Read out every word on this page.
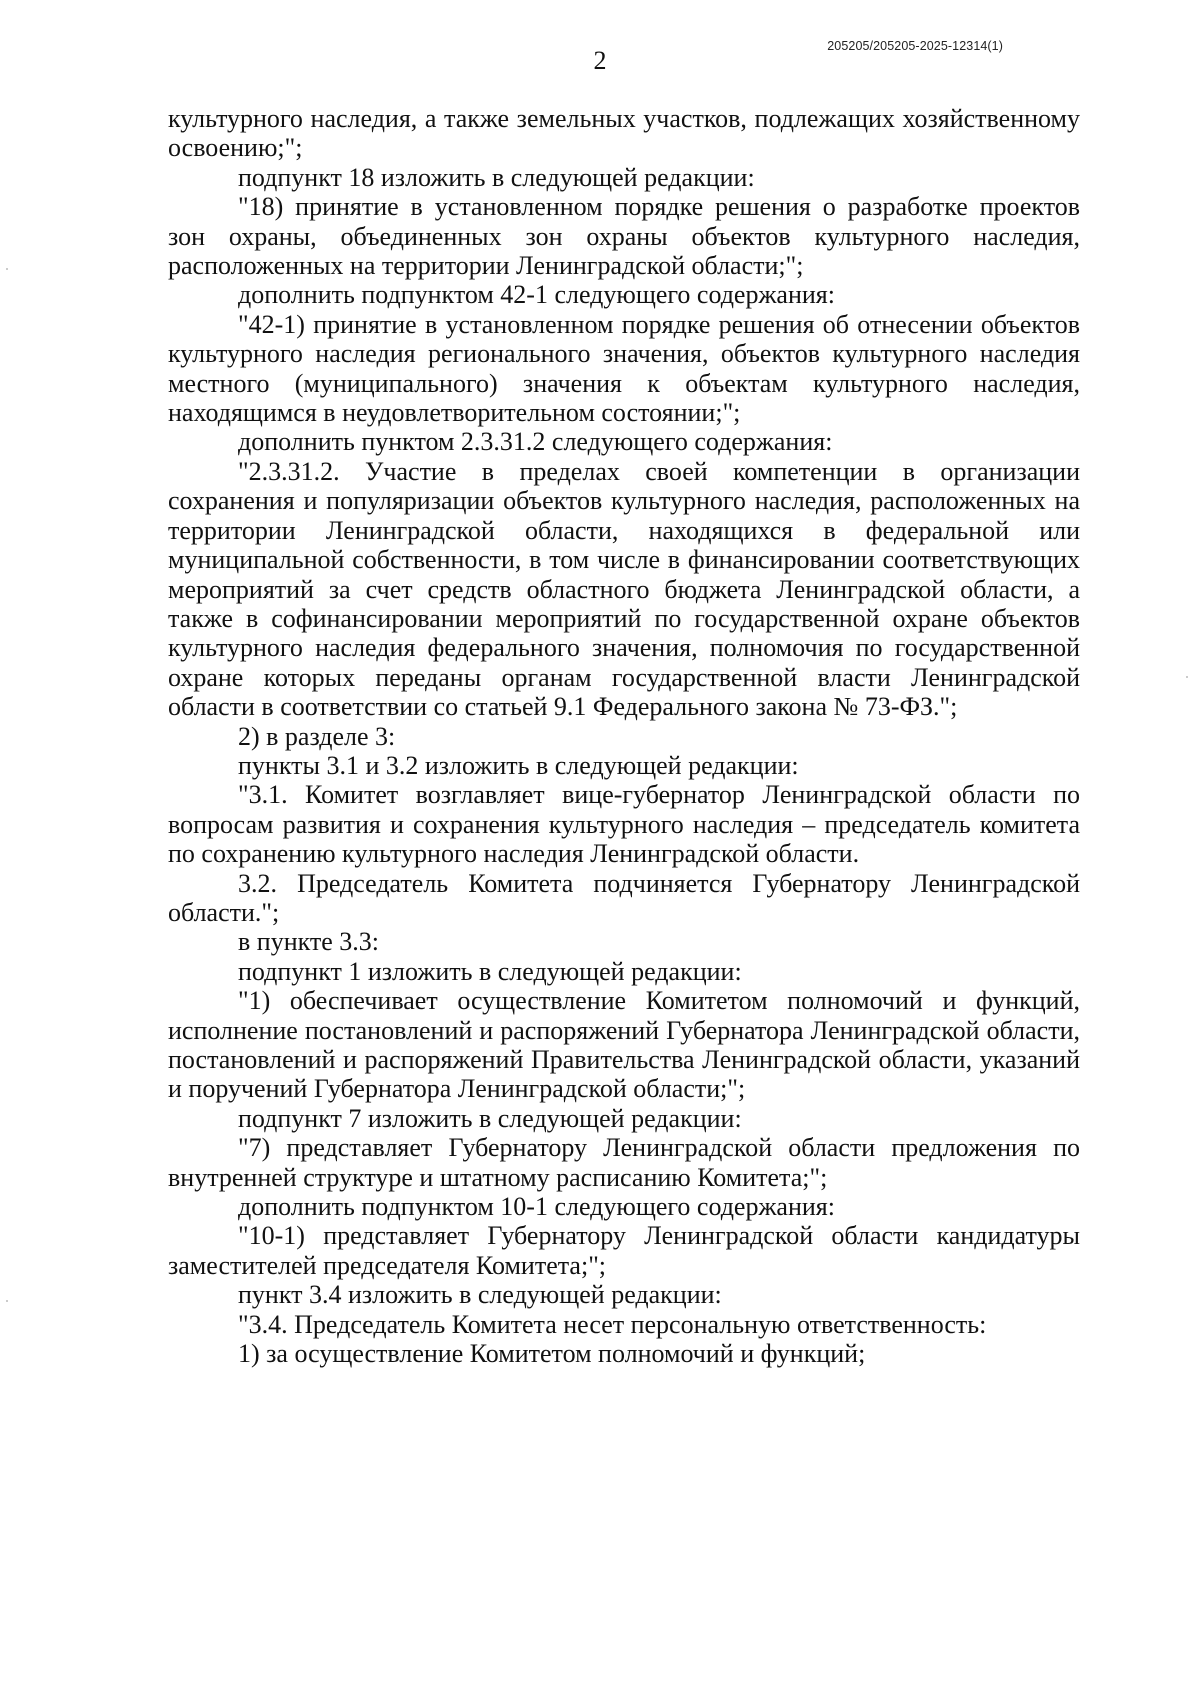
205205/205205-2025-12314(1)
2

культурного наследия, а также земельных участков, подлежащих хозяйственному освоению;";

подпункт 18 изложить в следующей редакции:

"18) принятие в установленном порядке решения о разработке проектов зон охраны, объединенных зон охраны объектов культурного наследия, расположенных на территории Ленинградской области;";

дополнить подпунктом 42-1 следующего содержания:

"42-1) принятие в установленном порядке решения об отнесении объектов культурного наследия регионального значения, объектов культурного наследия местного (муниципального) значения к объектам культурного наследия, находящимся в неудовлетворительном состоянии;";

дополнить пунктом 2.3.31.2 следующего содержания:

"2.3.31.2. Участие в пределах своей компетенции в организации сохранения и популяризации объектов культурного наследия, расположенных на территории Ленинградской области, находящихся в федеральной или муниципальной собственности, в том числе в финансировании соответствующих мероприятий за счет средств областного бюджета Ленинградской области, а также в софинансировании мероприятий по государственной охране объектов культурного наследия федерального значения, полномочия по государственной охране которых переданы органам государственной власти Ленинградской области в соответствии со статьей 9.1 Федерального закона № 73-ФЗ.";

2) в разделе 3:

пункты 3.1 и 3.2 изложить в следующей редакции:

"3.1. Комитет возглавляет вице-губернатор Ленинградской области по вопросам развития и сохранения культурного наследия – председатель комитета по сохранению культурного наследия Ленинградской области.

3.2. Председатель Комитета подчиняется Губернатору Ленинградской области.";

в пункте 3.3:

подпункт 1 изложить в следующей редакции:

"1) обеспечивает осуществление Комитетом полномочий и функций, исполнение постановлений и распоряжений Губернатора Ленинградской области, постановлений и распоряжений Правительства Ленинградской области, указаний и поручений Губернатора Ленинградской области;";

подпункт 7 изложить в следующей редакции:

"7) представляет Губернатору Ленинградской области предложения по внутренней структуре и штатному расписанию Комитета;";

дополнить подпунктом 10-1 следующего содержания:

"10-1) представляет Губернатору Ленинградской области кандидатуры заместителей председателя Комитета;";

пункт 3.4 изложить в следующей редакции:

"3.4. Председатель Комитета несет персональную ответственность:

1) за осуществление Комитетом полномочий и функций;
